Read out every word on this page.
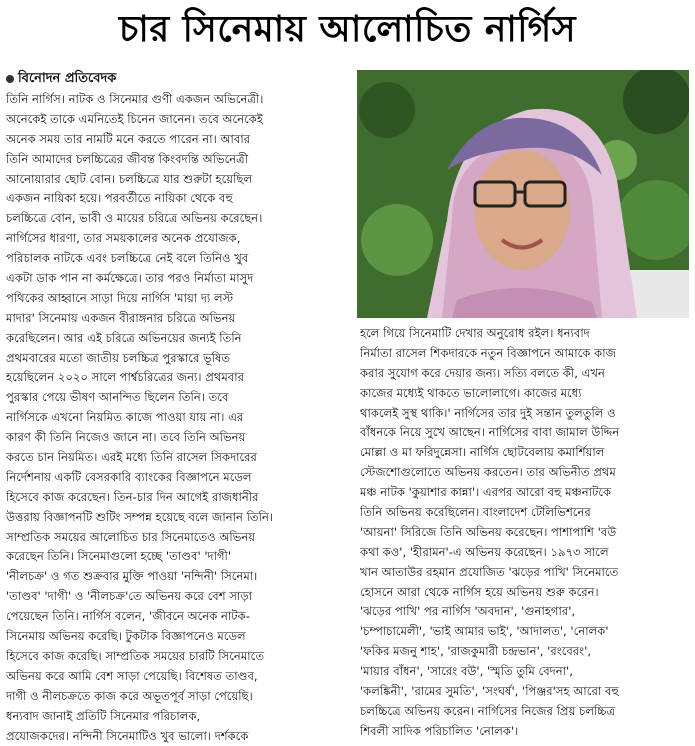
চার সিনেমায় আলোচিত নার্গিস
বিনোদন প্রতিবেদক
তিনি নার্গিস। নাটক ও সিনেমার গুণী একজন অভিনেত্রী।
অনেকেই তাকে এমনিতেই চিনেন জানেন। তবে অনেকেই
অনেক সময় তার নামটি মনে করতে পারেন না। আবার
তিনি আমাদের চলচ্চিত্রের জীবন্ত কিংবদন্তি অভিনেত্রী
আনোয়ারার ছোট বোন। চলচ্চিত্রে যার শুরুটা হয়েছিল
একজন নায়িকা হয়ে। পরবর্তীতে নায়িকা থেকে বহু
চলচ্চিত্রে বোন, ভাবী ও মায়ের চরিত্রে অভিনয় করেছেন।
নার্গিসের ধারণা, তার সময়কালের অনেক প্রযোজক,
পরিচালক নাটকে এবং চলচ্চিত্রে নেই বলে তিনিও খুব
একটা ডাক পান না কর্মক্ষেত্রে। তার পরও নির্মাতা মাসুদ
পথিকের আহ্বানে সাড়া দিয়ে নার্গিস 'মায়া দ্য লস্ট
মাদার' সিনেমায় একজন বীরাঙ্গনার চরিত্রে অভিনয়
করেছিলেন। আর এই চরিত্রে অভিনয়ের জন্যই তিনি
প্রথমবারের মতো জাতীয় চলচ্চিত্র পুরস্কারে ভূষিত
হয়েছিলেন ২০২০ সালে পার্শ্বচরিত্রের জন্য। প্রথমবার
পুরস্কার পেয়ে ভীষণ আনন্দিত ছিলেন তিনি। তবে
নার্গিসকে এখনো নিয়মিত কাজে পাওয়া যায় না। এর
কারণ কী তিনি নিজেও জানে না। তবে তিনি অভিনয়
করতে চান নিয়মিত। এরই মধ্যে তিনি রাসেল সিকদারের
নির্দেশনায় একটি বেসরকারি ব্যাংকের বিজ্ঞাপনে মডেল
হিসেবে কাজ করেছেন। তিন-চার দিন আগেই রাজধানীর
উত্তরায় বিজ্ঞাপনটি শুটিং সম্পন্ন হয়েছে বলে জানান তিনি।
সাম্প্রতিক সময়ের আলোচিত চার সিনেমাতেও অভিনয়
করেছেন তিনি। সিনেমাগুলো হচ্ছে 'তাণ্ডব' 'দাগী'
'নীলচক্র' ও গত শুক্রবার মুক্তি পাওয়া 'নন্দিনী' সিনেমা।
'তাণ্ডব' 'দাগী' ও 'নীলচক্র'তে অভিনয় করে বেশ সাড়া
পেয়েছেন তিনি। নার্গিস বলেন, 'জীবনে অনেক নাটক-
সিনেমায় অভিনয় করেছি। টুকটাক বিজ্ঞাপনেও মডেল
হিসেবে কাজ করেছি। সাম্প্রতিক সময়ের চারটি সিনেমাতে
অভিনয় করে আমি বেশ সাড়া পেয়েছি। বিশেষত তাণ্ডব,
দাগী ও নীলচক্রতে কাজ করে অভূতপূর্ব সাড়া পেয়েছি।
ধন্যবাদ জানাই প্রতিটি সিনেমার পরিচালক,
প্রযোজকদের। নন্দিনী সিনেমাটিও খুব ভালো। দর্শককে
হলে গিয়ে সিনেমাটি দেখার অনুরোধ রইল। ধন্যবাদ
নির্মাতা রাসেল শিকদারকে নতুন বিজ্ঞাপনে আমাকে কাজ
করার সুযোগ করে দেয়ার জন্য। সত্যি বলতে কী, এখন
কাজের মধ্যেই থাকতে ভালোলাগে। কাজের মধ্যে
থাকলেই সুস্থ থাকি।' নার্গিসের তার দুই সন্তান তুলতুলি ও
বাঁধনকে নিয়ে সুখে আছেন। নার্গিসের বাবা জামাল উদ্দিন
মোল্লা ও মা ফরিদুন্নেসা। নার্গিস ছোটবেলায় কমার্শিয়াল
স্টেজশোগুলোতে অভিনয় করতেন। তার অভিনীত প্রথম
মঞ্চ নাটক 'কুয়াশার কান্না'। এরপর আরো বহু মঞ্চনাটকে
তিনি অভিনয় করেছিলেন। বাংলাদেশ টেলিভিশনের
'আয়না' সিরিজে তিনি অভিনয় করেছেন। পাশাপাশি 'বউ
কথা কও', 'হীরামন'-এ অভিনয় করেছেন। ১৯৭৩ সালে
খান আতাউর রহমান প্রযোজিত 'ঝড়ের পাখি' সিনেমাতে
হোসনে আরা থেকে নার্গিস হয়ে অভিনয় শুরু করেন।
'ঝড়ের পাখি' পর নার্গিস 'অবদান', 'গুনাহগার',
'চম্পাচামেলী', 'ভাই আমার ভাই', 'আদালত', 'নোলক'
'ফকির মজনু শাহ', 'রাজকুমারী চন্দ্রভান', 'রংবেরং',
'মায়ার বাঁধন', 'সারেং বউ', 'স্মৃতি তুমি বেদনা',
'কলঙ্কিনী', 'রামের সুমতি', 'সংঘর্ষ', 'পিঞ্জর'সহ আরো বহু
চলচ্চিত্রে অভিনয় করেন। নার্গিসের নিজের প্রিয় চলচ্চিত্র
শিবলী সাদিক পরিচালিত 'নোলক'।
